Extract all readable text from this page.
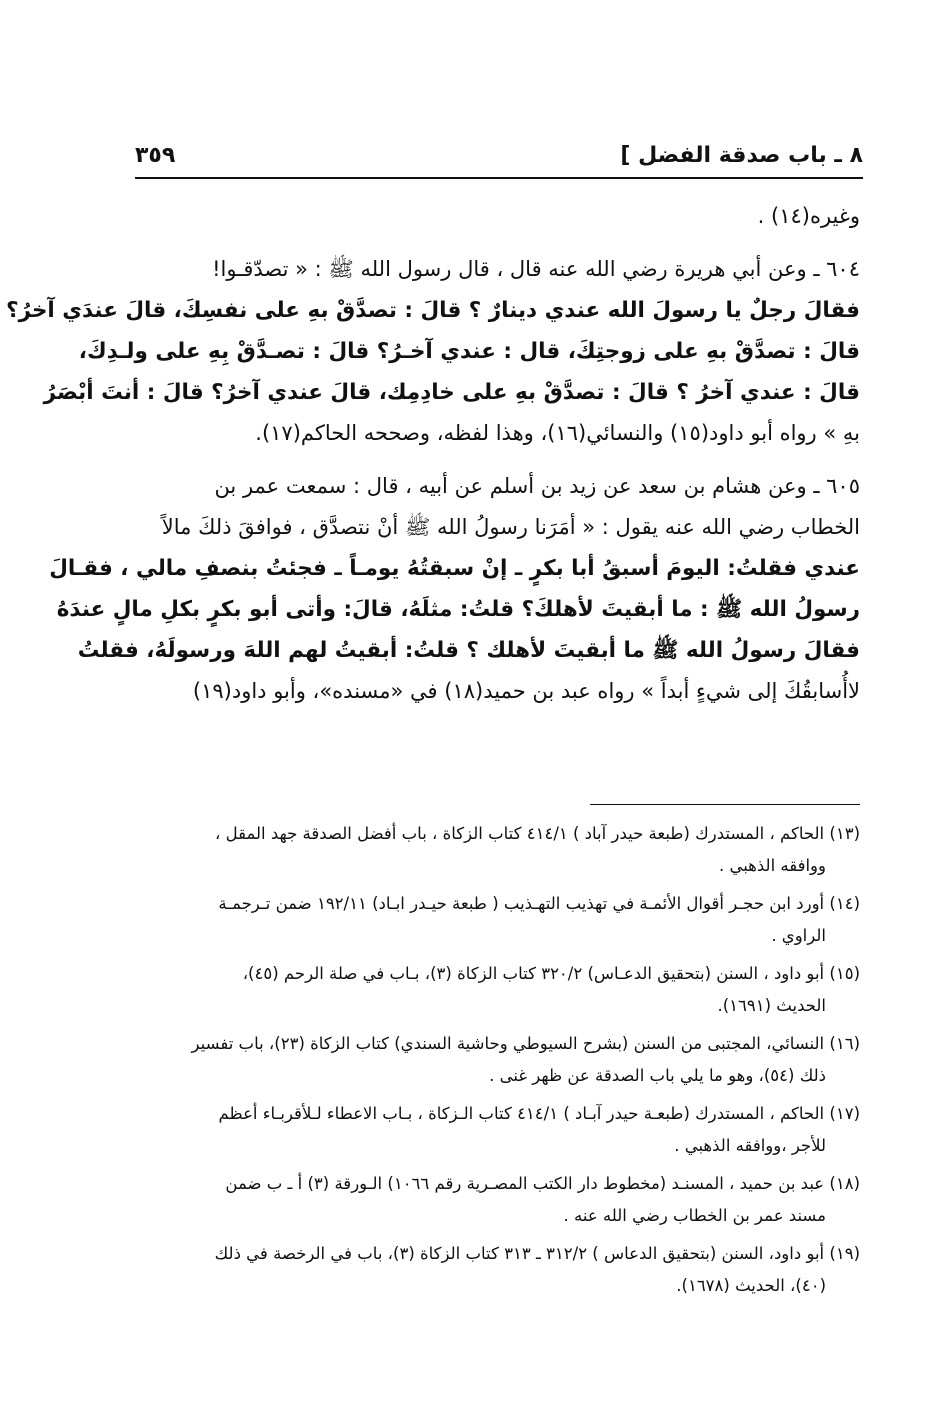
٨ ـ باب صدقة الفضل ]
٣٥٩

وغيره(١٤) .

٦٠٤ ـ وعن أبي هريرة رضي الله عنه قال ، قال رسول الله ﷺ : « تصدّقـوا!

فقالَ رجلٌ يا رسولَ الله عندي دينارٌ ؟ قالَ : تصدَّقْ بهِ على نفسِكَ، قالَ عندَي آخرُ؟

قالَ : تصدَّقْ بهِ على زوجتِكَ، قال : عندي آخـرُ؟ قالَ : تصـدَّقْ بِهِ على ولـدِكَ،

قالَ : عندي آخرُ ؟ قالَ : تصدَّقْ بهِ على خادِمِك، قالَ عندي آخرُ؟ قالَ : أنتَ أبْصَرُ

بهِ » رواه أبو داود(١٥) والنسائي(١٦)، وهذا لفظه، وصححه الحاكم(١٧).

٦٠٥ ـ وعن هشام بن سعد عن زيد بن أسلم عن أبيه ، قال : سمعت عمر بن

الخطاب رضي الله عنه يقول : « أمَرَنا رسولُ الله ﷺ أنْ نتصدَّق ، فوافقَ ذلكَ مالاً

عندي فقلتُ: اليومَ أسبقُ أبا بكرٍ ـ إنْ سبقتُهُ يومـاً ـ فجئتُ بنصفِ مالي ، فقـالَ

رسولُ الله ﷺ : ما أبقيتَ لأهلكَ؟ قلتُ: مثلَهُ، قالَ: وأتى أبو بكرٍ بكلِ مالٍ عندَهُ

فقالَ رسولُ الله ﷺ ما أبقيتَ لأهلك ؟ قلتُ: أبقيتُ لهم اللهَ ورسولَهُ، فقلتُ

لاأُسابقُكَ إلى شيءٍ أبداً » رواه عبد بن حميد(١٨) في «مسنده»، وأبو داود(١٩)

(١٣) الحاكم ، المستدرك (طبعة حيدر آباد ) ٤١٤/١ كتاب الزكاة ، باب أفضل الصدقة جهد المقل ،
ووافقه الذهبي .
(١٤) أورد ابن حجـر أقوال الأئمـة في تهذيب التهـذيب ( طبعة حيـدر ابـاد) ١٩٢/١١ ضمن تـرجمـة
الراوي .
(١٥) أبو داود ، السنن (بتحقيق الدعـاس) ٣٢٠/٢ كتاب الزكاة (٣)، بـاب في صلة الرحم (٤٥)،
الحديث (١٦٩١).
(١٦) النسائي، المجتبى من السنن (بشرح السيوطي وحاشية السندي) كتاب الزكاة (٢٣)، باب تفسير
ذلك (٥٤)، وهو ما يلي باب الصدقة عن ظهر غنى .
(١٧) الحاكم ، المستدرك (طبعـة حيدر آبـاد ) ٤١٤/١ كتاب الـزكاة ، بـاب الاعطاء لـلأقربـاء أعظم
للأجر ،ووافقه الذهبي .
(١٨) عبد بن حميد ، المسنـد (مخطوط دار الكتب المصـرية رقم ١٠٦٦) الـورقة (٣) أ ـ ب ضمن
مسند عمر بن الخطاب رضي الله عنه .
(١٩) أبو داود، السنن (بتحقيق الدعاس ) ٣١٢/٢ ـ ٣١٣ كتاب الزكاة (٣)، باب في الرخصة في ذلك
(٤٠)، الحديث (١٦٧٨).
